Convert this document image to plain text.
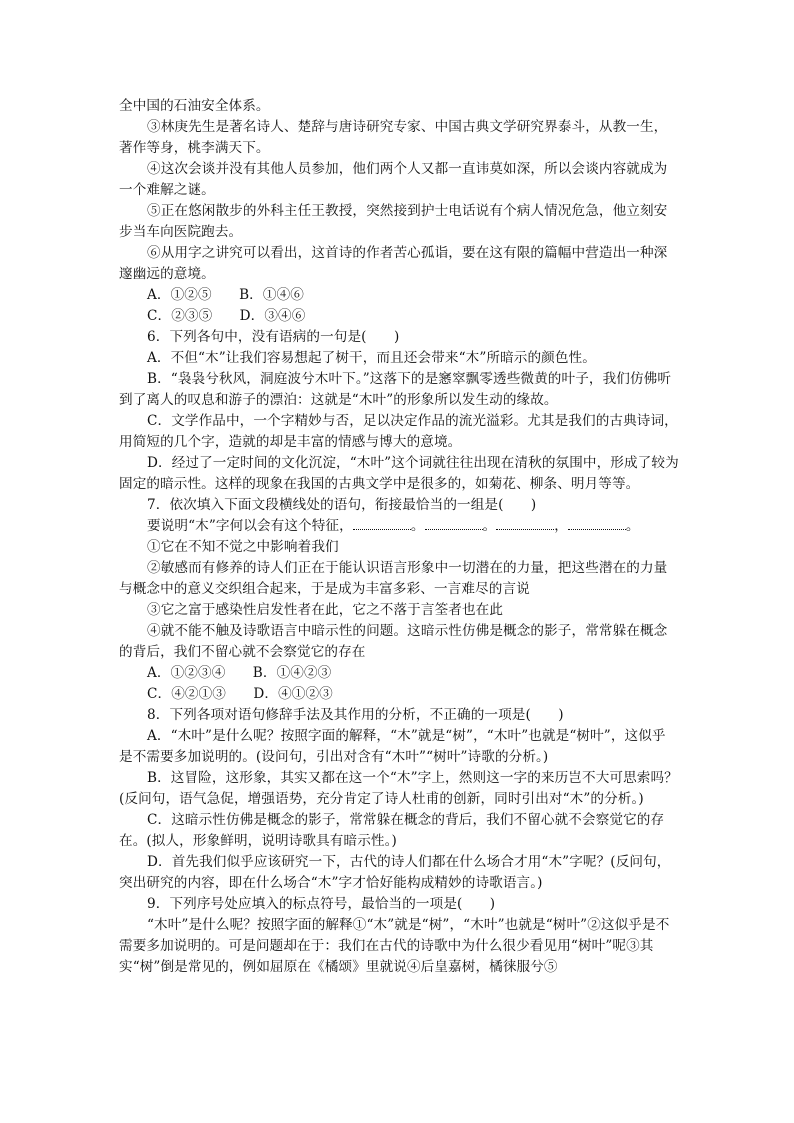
全中国的石油安全体系。

③林庚先生是著名诗人、楚辞与唐诗研究专家、中国古典文学研究界泰斗，从教一生，著作等身，桃李满天下。

④这次会谈并没有其他人员参加，他们两个人又都一直讳莫如深，所以会谈内容就成为一个难解之谜。

⑤正在悠闲散步的外科主任王教授，突然接到护士电话说有个病人情况危急，他立刻安步当车向医院跑去。

⑥从用字之讲究可以看出，这首诗的作者苦心孤诣，要在这有限的篇幅中营造出一种深邃幽远的意境。

A．①②⑤　　 B．①④⑥

C．②③⑤　　 D．③④⑥

6．下列各句中，没有语病的一句是(　　)

A．不但“木”让我们容易想起了树干，而且还会带来“木”所暗示的颜色性。

B．“袅袅兮秋风，洞庭波兮木叶下。”这落下的是窸窣飘零透些微黄的叶子，我们仿佛听到了离人的叹息和游子的漂泊：这就是“木叶”的形象所以发生动的缘故。

C．文学作品中，一个字精妙与否，足以决定作品的流光溢彩。尤其是我们的古典诗词，用简短的几个字，造就的却是丰富的情感与博大的意境。

D．经过了一定时间的文化沉淀，“木叶”这个词就往往出现在清秋的氛围中，形成了较为固定的暗示性。这样的现象在我国的古典文学中是很多的，如菊花、柳条、明月等等。

7．依次填入下面文段横线处的语句，衔接最恰当的一组是(　　)

要说明“木”字何以会有这个特征，	。	。	，	。

①它在不知不觉之中影响着我们

②敏感而有修养的诗人们正在于能认识语言形象中一切潜在的力量，把这些潜在的力量与概念中的意义交织组合起来，于是成为丰富多彩、一言难尽的言说

③它之富于感染性启发性者在此，它之不落于言筌者也在此

④就不能不触及诗歌语言中暗示性的问题。这暗示性仿佛是概念的影子，常常躲在概念的背后，我们不留心就不会察觉它的存在

A．①②③④　　 B．①④②③

C．④②①③　　 D．④①②③

8．下列各项对语句修辞手法及其作用的分析，不正确的一项是(　　)

A．“木叶”是什么呢？按照字面的解释，“木”就是“树”，“木叶”也就是“树叶”，这似乎是不需要多加说明的。(设问句，引出对含有“木叶”“树叶”诗歌的分析。)

B．这冒险，这形象，其实又都在这一个“木”字上，然则这一字的来历岂不大可思索吗？(反问句，语气急促，增强语势，充分肯定了诗人杜甫的创新，同时引出对“木”的分析。)

C．这暗示性仿佛是概念的影子，常常躲在概念的背后，我们不留心就不会察觉它的存在。(拟人，形象鲜明，说明诗歌具有暗示性。)

D．首先我们似乎应该研究一下，古代的诗人们都在什么场合才用“木”字呢？(反问句，突出研究的内容，即在什么场合“木”字才恰好能构成精妙的诗歌语言。)

9．下列序号处应填入的标点符号，最恰当的一项是(　　)

“木叶”是什么呢？按照字面的解释①“木”就是“树”，“木叶”也就是“树叶”②这似乎是不需要多加说明的。可是问题却在于：我们在古代的诗歌中为什么很少看见用“树叶”呢③其实“树”倒是常见的，例如屈原在《橘颂》里就说④后皇嘉树，橘徕服兮⑤
